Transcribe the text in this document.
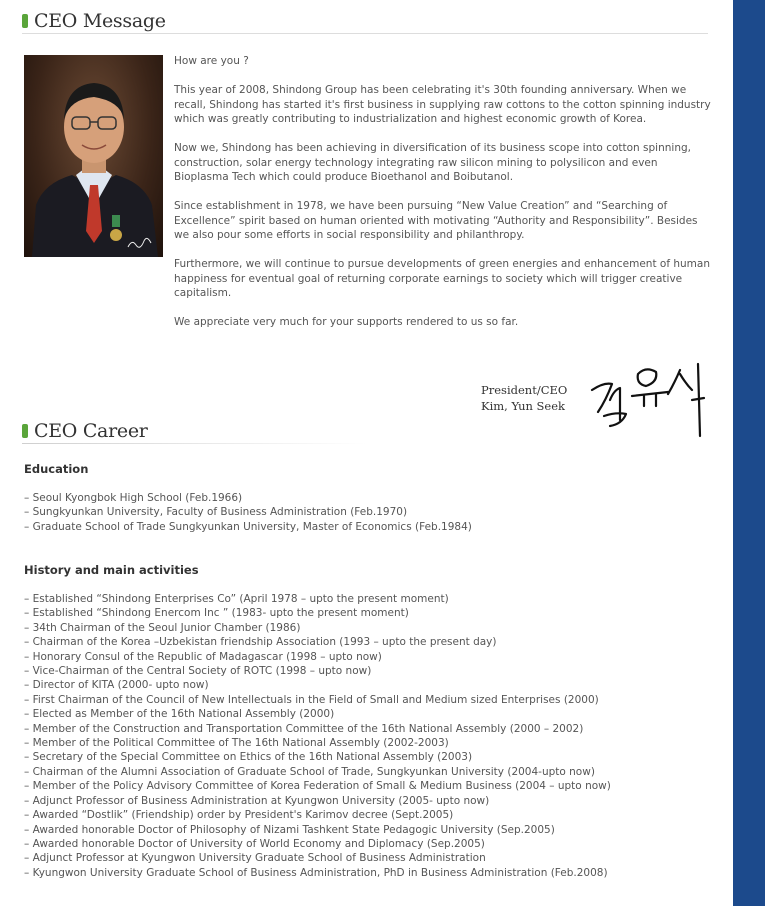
CEO Message

How are you ?

This year of 2008, Shindong Group has been celebrating it's 30th founding anniversary. When we recall, Shindong has started it's first business in supplying raw cottons to the cotton spinning industry which was greatly contributing to industrialization and highest economic growth of Korea.

Now we, Shindong has been achieving in diversification of its business scope into cotton spinning, construction, solar energy technology integrating raw silicon mining to polysilicon and even Bioplasma Tech which could produce Bioethanol and Boibutanol.

Since establishment in 1978, we have been pursuing “New Value Creation” and “Searching of Excellence” spirit based on human oriented with motivating “Authority and Responsibility”. Besides we also pour some efforts in social responsibility and philanthropy.

Furthermore, we will continue to pursue developments of green energies and enhancement of human happiness for eventual goal of returning corporate earnings to society which will trigger creative capitalism.

We appreciate very much for your supports rendered to us so far.

President/CEO
Kim, Yun Seek
CEO Career
Education
– Seoul Kyongbok High School (Feb.1966)
– Sungkyunkan University, Faculty of Business Administration (Feb.1970)
– Graduate School of Trade Sungkyunkan University, Master of Economics (Feb.1984)
History and main activities
– Established “Shindong Enterprises Co” (April 1978 – upto the present moment)
– Established “Shindong Enercom Inc ” (1983- upto the present moment)
– 34th Chairman of the Seoul Junior Chamber (1986)
– Chairman of the Korea –Uzbekistan friendship Association (1993 – upto the present day)
– Honorary Consul of the Republic of Madagascar (1998 – upto now)
– Vice-Chairman of the Central Society of ROTC (1998 – upto now)
– Director of KITA (2000- upto now)
– First Chairman of the Council of New Intellectuals in the Field of Small and Medium sized Enterprises (2000)
– Elected as Member of the 16th National Assembly (2000)
– Member of the Construction and Transportation Committee of the 16th National Assembly (2000 – 2002)
– Member of the Political Committee of The 16th National Assembly (2002-2003)
– Secretary of the Special Committee on Ethics of the 16th National Assembly (2003)
– Chairman of the Alumni Association of Graduate School of Trade, Sungkyunkan University (2004-upto now)
– Member of the Policy Advisory Committee of Korea Federation of Small & Medium Business (2004 – upto now)
– Adjunct Professor of Business Administration at Kyungwon University (2005- upto now)
– Awarded “Dostlik” (Friendship) order by President's Karimov decree (Sept.2005)
– Awarded honorable Doctor of Philosophy of Nizami Tashkent State Pedagogic University (Sep.2005)
– Awarded honorable Doctor of University of World Economy and Diplomacy (Sep.2005)
– Adjunct Professor at Kyungwon University Graduate School of Business Administration
– Kyungwon University Graduate School of Business Administration, PhD in Business Administration (Feb.2008)
